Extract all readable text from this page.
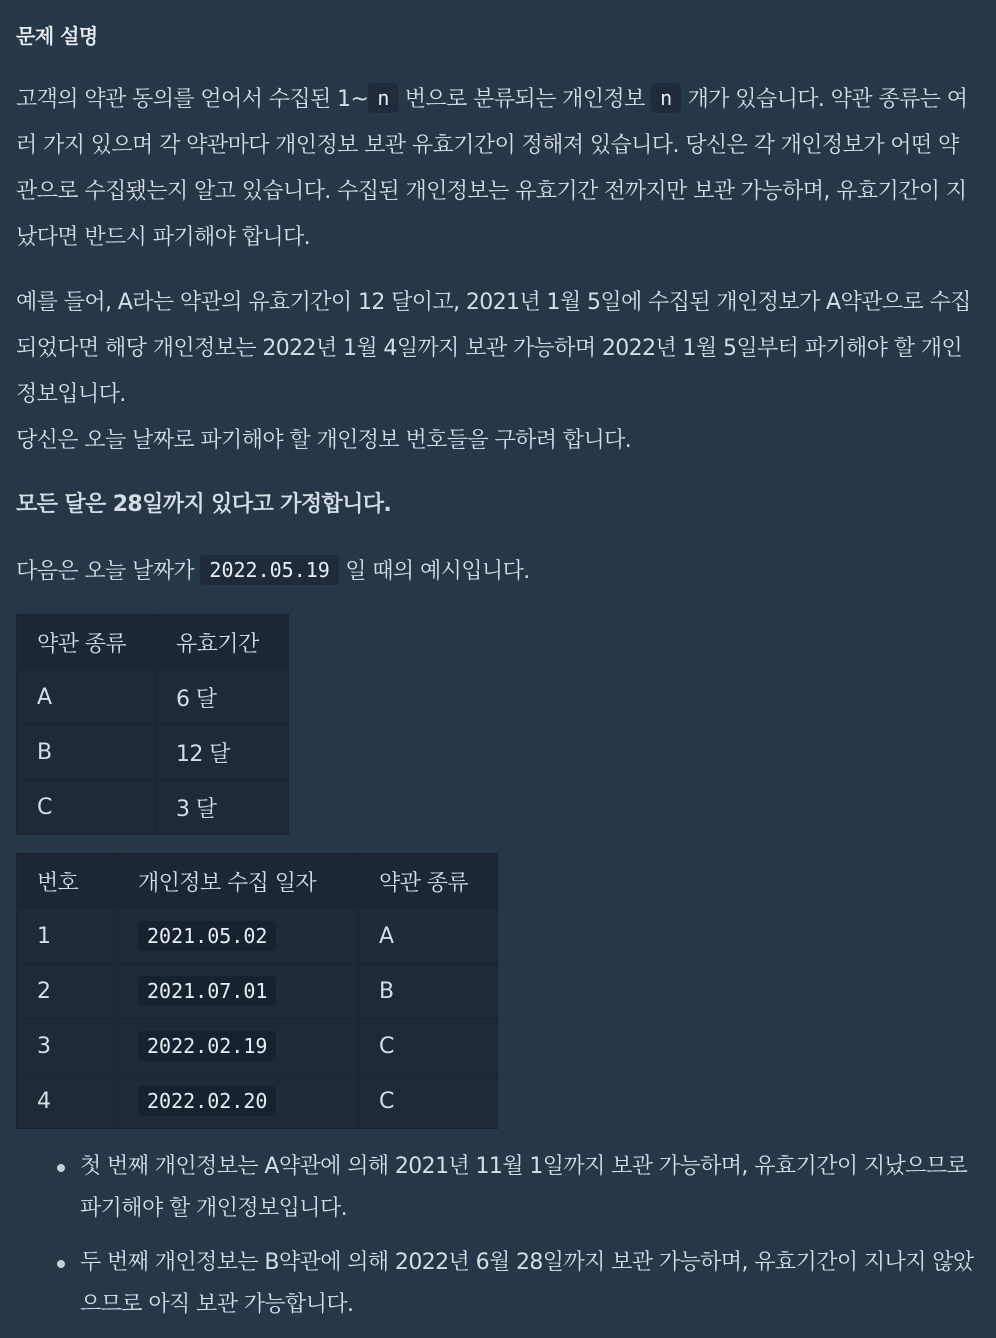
문제 설명

고객의 약관 동의를 얻어서 수집된 1~ n 번으로 분류되는 개인정보 n 개가 있습니다. 약관 종류는 여러 가지 있으며 각 약관마다 개인정보 보관 유효기간이 정해져 있습니다. 당신은 각 개인정보가 어떤 약관으로 수집됐는지 알고 있습니다. 수집된 개인정보는 유효기간 전까지만 보관 가능하며, 유효기간이 지났다면 반드시 파기해야 합니다.

예를 들어, A라는 약관의 유효기간이 12 달이고, 2021년 1월 5일에 수집된 개인정보가 A약관으로 수집되었다면 해당 개인정보는 2022년 1월 4일까지 보관 가능하며 2022년 1월 5일부터 파기해야 할 개인정보입니다.
당신은 오늘 날짜로 파기해야 할 개인정보 번호들을 구하려 합니다.

모든 달은 28일까지 있다고 가정합니다.

다음은 오늘 날짜가 2022.05.19 일 때의 예시입니다.

약관 종류	유효기간
A	6 달
B	12 달
C	3 달
번호	개인정보 수집 일자	약관 종류
1	2021.05.02	A
2	2021.07.01	B
3	2022.02.19	C
4	2022.02.20	C
첫 번째 개인정보는 A약관에 의해 2021년 11월 1일까지 보관 가능하며, 유효기간이 지났으므로 파기해야 할 개인정보입니다.
두 번째 개인정보는 B약관에 의해 2022년 6월 28일까지 보관 가능하며, 유효기간이 지나지 않았으므로 아직 보관 가능합니다.
